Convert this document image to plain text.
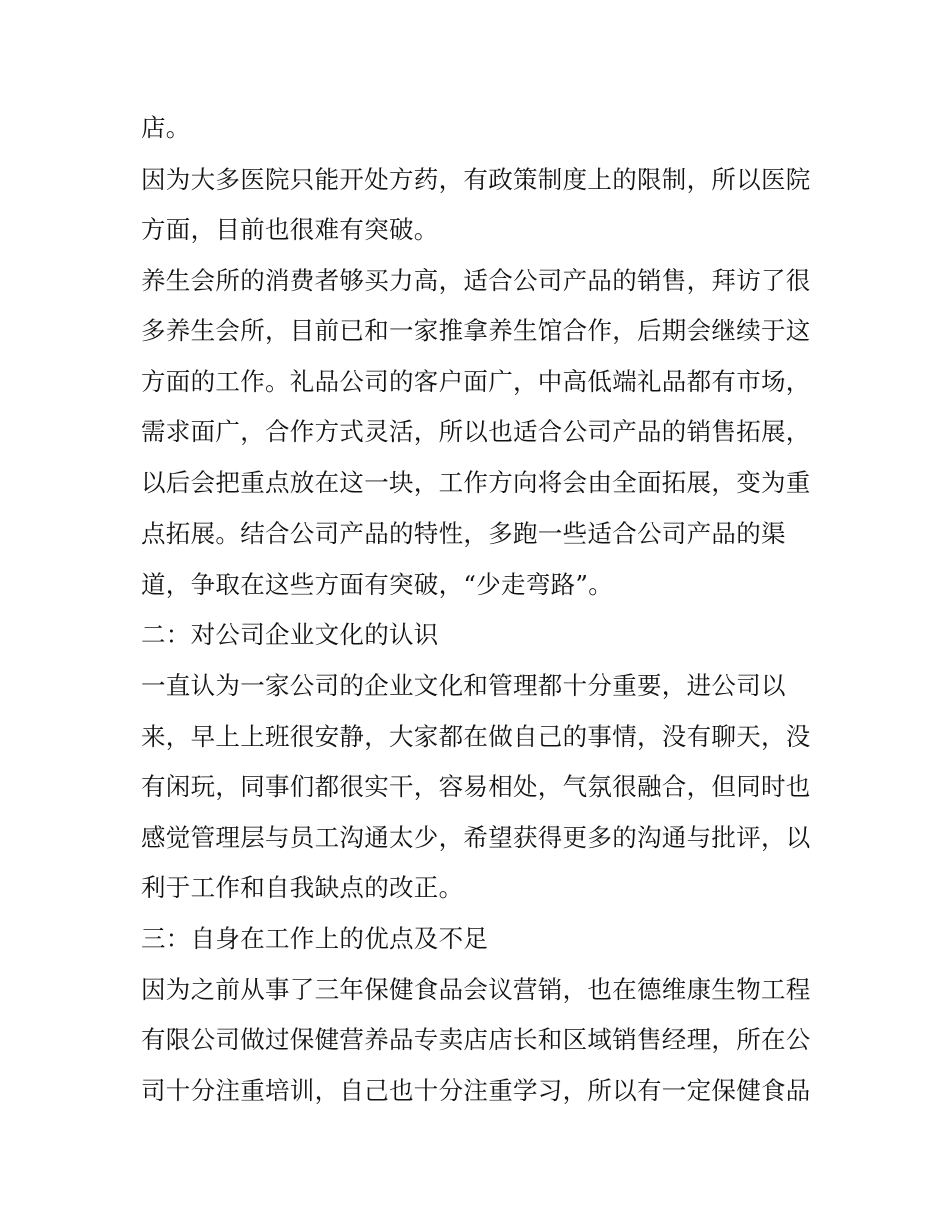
店。
因为大多医院只能开处方药，有政策制度上的限制，所以医院
方面，目前也很难有突破。
养生会所的消费者够买力高，适合公司产品的销售，拜访了很
多养生会所，目前已和一家推拿养生馆合作，后期会继续于这
方面的工作。礼品公司的客户面广，中高低端礼品都有市场，
需求面广，合作方式灵活，所以也适合公司产品的销售拓展，
以后会把重点放在这一块，工作方向将会由全面拓展，变为重
点拓展。结合公司产品的特性，多跑一些适合公司产品的渠
道，争取在这些方面有突破，“少走弯路”。
二：对公司企业文化的认识
一直认为一家公司的企业文化和管理都十分重要，进公司以
来，早上上班很安静，大家都在做自己的事情，没有聊天，没
有闲玩，同事们都很实干，容易相处，气氛很融合，但同时也
感觉管理层与员工沟通太少，希望获得更多的沟通与批评，以
利于工作和自我缺点的改正。
三：自身在工作上的优点及不足
因为之前从事了三年保健食品会议营销，也在德维康生物工程
有限公司做过保健营养品专卖店店长和区域销售经理，所在公
司十分注重培训，自己也十分注重学习，所以有一定保健食品
